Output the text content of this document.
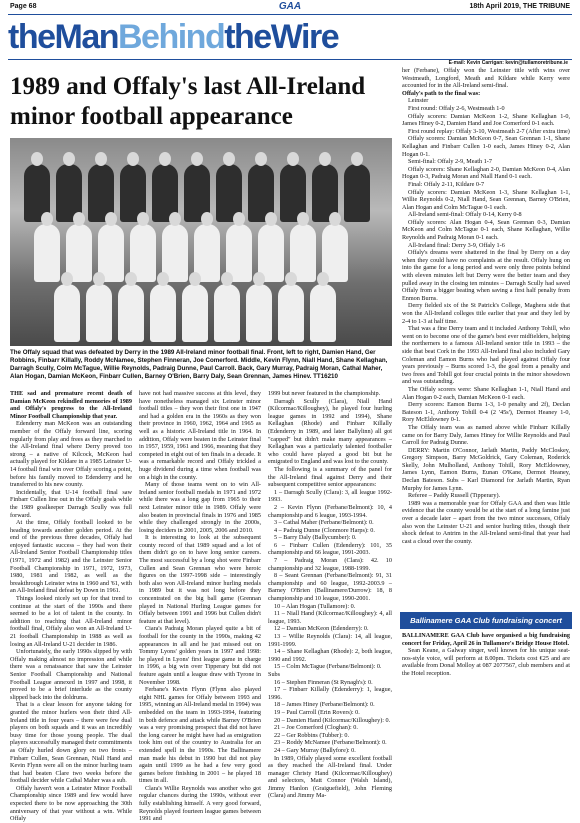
Page 68	GAA	18th April 2019, THE TRIBUNE
theManBehindtheWire
E-mail: Kevin Carrigan: kevin@tullamoretribune.ie
1989 and Offaly's last All-Ireland minor football appearance
The Offaly squad that was defeated by Derry in the 1989 All-Ireland minor football final. Front, left to right, Damien Hand, Ger Robbins, Finbarr Killally, Roddy McNamee, Stephen Finneran, Joe Comerford. Middle, Kevin Flynn, Niall Hand, Shane Kellaghan, Darragh Scully, Colm McTague, Willie Reynolds, Padraig Dunne, Paul Carroll. Back, Gary Murray, Padraig Moran, Cathal Maher, Alan Hogan, Damian McKeon, Finbarr Cullen, Barney O'Brien, Barry Daly, Sean Grennan, James Hinev. TT16210

THE sad and premature recent death of Damian McKeon rekindled memories of 1989 and Offaly's progress to the All-Ireland Minor Football Championship that year.

Edenderry man McKeon was an outstanding member of the Offaly forward line, scoring regularly from play and frees as they marched to the All-Ireland final where Derry proved too strong – a native of Kilcock, McKeon had actually played for Kildare in a 1985 Leinster U-14 football final win over Offaly scoring a point, before his family moved to Edenderry and he transferred to his new county.

Incidentally, that U-14 football final saw Finbarr Cullen line out in the Offaly goals while the 1989 goalkeeper Darragh Scully was full forward.

At the time, Offaly football looked to be heading towards another golden period. At the end of the previous three decades, Offaly had enjoyed fantastic success – they had won their All-Ireland Senior Football Championship titles (1971, 1972 and 1982) and the Leinster Senior Football Championship in 1971, 1972, 1973, 1980, 1981 and 1982, as well as the breakthrough Leinster wins in 1960 and '61, with an All-Ireland final defeat by Down in 1961.

Things looked nicely set up for that trend to continue at the start of the 1990s and there seemed to be a lot of talent in the county. In addition to reaching that All-Ireland minor football final, Offaly also won an All-Ireland U-21 football Championship in 1988 as well as losing an All-Ireland U-21 decider in 1986.

Unfortunately, the early 1990s slipped by with Offaly making almost no impression and while there was a renaissance that saw the Leinster Senior Football Championship and National Football League annexed in 1997 and 1998, it proved to be a brief interlude as the county slipped back into the doldrums.

That is a clear lesson for anyone taking for granted the minor hurlers won their third All-Ireland title in four years – there were few dual players on both squads and it was an incredibly busy time for those young people. The dual players successfully managed their commitments as Offaly hurled down glory on two fronts – Finbarr Cullen, Sean Grennan, Niall Hand and Kevin Flynn were all on the minor hurling team that had beaten Clare two weeks before the football decider while Cathal Maher was a sub.

Offaly haven't won a Leinster Minor Football Championship since 1989 and few would have expected there to be now approaching the 30th anniversary of that year without a win. While Offaly

have not had massive success at this level, they have nonetheless managed six Leinster minor football titles – they won their first one in 1947 and had a golden era in the 1960s as they won their province in 1960, 1962, 1964 and 1965 as well as a historic All-Ireland title in 1964. In addition, Offaly were beaten in the Leinster final in 1957, 1959, 1961 and 1966, meaning that they competed in eight out of ten finals in a decade. It was a remarkable record and Offaly trickled a huge dividend during a time when football was on a high in the county.

Many of those teams went on to win All-Ireland senior football medals in 1971 and 1972 while there was a long gap from 1965 to their next Leinster minor title in 1989. Offaly were also beaten in provincial finals in 1976 and 1985 while they challenged strongly in the 2000s, losing deciders in 2001, 2005, 2006 and 2010.

It is interesting to look at the subsequent county record of that 1989 squad and a lot of them didn't go on to have long senior careers. The most successful by a long shot were Finbarr Cullen and Sean Grennan who were heroic figures on the 1997-1998 side – interestingly both also won All-Ireland minor hurling medals in 1989 but it was not long before they concentrated on the big ball game (Grennan played in National Hurling League games for Offaly between 1991 and 1996 but Cullen didn't feature at that level).

Ciara's Padraig Moran played quite a bit of football for the county in the 1990s, making 42 appearances in all and he just missed out on Tommy Lyons' golden years in 1997 and 1998: he played in Lyons' first league game in charge in 1996, a big win over Tipperary but did not feature again until a league draw with Tyrone in November 1998.

Ferbane's Kevin Flynn (Flynn also played eight NHL games for Offaly between 1993 and 1995, winning an All-Ireland medal in 1994) was embedded on the team in 1993-1994, featuring in both defence and attack while Barney O'Brien was a very promising prospect that did not have the long career he might have had as emigration took him out of the country to Australia for an extended spell in the 1990s. The Ballinamere man made his debut in 1990 but did not play again until 1999 as he had a few very good games before finishing in 2001 – he played 18 times in all.

Clara's Willie Reynolds was another who got regular chances during the 1990s, without ever fully establishing himself. A very good forward, Reynolds played fourteen league games between 1991 and

1999 but never featured in the championship.

Darragh Scully (Clara), Niall Hand (Kilcormac/Killoughey), he played four hurling league games in 1992 and 1994), Shane Kellaghan (Rhode) and Finbarr Killally (Edenderry in 1989, and later Ballylinn) all got "capped" but didn't make many appearances – Kellaghan was a particularly talented footballer who could have played a good bit but he emigrated to England and was lost to the county.

The following is a summary of the panel for the All-Ireland final against Derry and their subsequent competitive senior appearances:

1 – Darragh Scully (Clara): 3, all league 1992-1993.

2 – Kevin Flynn (Ferbane/Belmont): 10, 4 championship and 6 league, 1993-1994.

3 – Cathal Maher (Ferbane/Belmont): 0.

4 – Padraig Dunne (Clonmore Harps): 0.

5 – Barry Daly (Ballycumber): 0.

6 – Finbarr Cullen (Edenderry): 101, 35 championship and 66 league, 1991-2003.

7 – Padraig Moran (Clara): 42. 10 championship and 32 league, 1988-1999.

8 – Seant Grennan (Ferbane/Belmont): 91, 31 championship and 60 league, 1992-2003.9 – Barney O'Brien (Ballinamere/Durrow): 18, 8 championship and 10 league, 1990-2001.

10 – Alan Hogan (Tullamore): 0.

11 – Niall Hand (Kilcormac/Killoughey): 4, all league, 1993.

12 – Damian McKeon (Edenderry): 0.

13 – Willie Reynolds (Clara): 14, all league, 1991-1999.

14 – Shane Kellaghan (Rhode): 2, both league, 1990 and 1992.

15 – Colm McTague (Ferbane/Belmont): 0.

Subs

16 – Stephen Finneran (St Rynagh's): 0.

17 – Finbarr Killally (Edenderry): 1, league, 1996.

18 – James Hiney (Ferbane/Belmont): 0.

19 – Paul Carroll (Erin Rovers): 0.

20 – Damien Hand (Kilcormac/Killoughey): 0.

21 – Joe Comerford (Cloghan): 0.

22 – Ger Robbins (Tubber): 0.

23 – Roddy McNamee (Ferbane/Belmont): 0.

24 – Gary Murray (Ballyfore): 0.

In 1989, Offaly played some excellent football as they reached the All-Ireland final. Under manager Christy Hand (Kilcormac/Killoughey) and selectors, Matt Connor (Walsh Island), Jimmy Hanlon (Graiguefield), John Fleming (Clara) and Jimmy Ma-

her (Ferbane), Offaly won the Leinster title with wins over Westmeath, Longford, Meath and Kildare while Kerry were accounted for in the All-Ireland semi-final.

Offaly's path to the final was:

Leinster

First round: Offaly 2-6, Westmeath 1-0

Offaly scorers: Damian McKeon 1-2, Shane Kellaghan 1-0, James Hiney 0-2, Damien Hand and Joe Comerford 0-1 each.

First round replay: Offaly 3-10, Westmeath 2-7 (After extra time)

Offaly scorers: Damian McKeon 0-7, Sean Grennan 1-1, Shane Kellaghan and Finbarr Cullen 1-0 each, James Hiney 0-2, Alan Hogan 0-1.

Semi-final: Offaly 2-9, Meath 1-7

Offaly scorers: Shane Kellaghan 2-0, Damian McKeon 0-4, Alan Hogan 0-3, Padraig Moran and Niall Hand 0-1 each.

Final: Offaly 2-11, Kildare 0-7

Offaly scorers: Damian McKeon 1-3, Shane Kellaghan 1-1, Willie Reynolds 0-2, Niall Hand, Sean Grennan, Barney O'Brien, Alan Hogan and Colm McTague 0-1 each.

All-Ireland semi-final: Offaly 0-14, Kerry 0-8

Offaly scorers: Alan Hogan 0-4, Sean Grennan 0-3, Damian McKeon and Colm McTague 0-1 each, Shane Kellaghan, Willie Reynolds and Padraig Moran 0-1 each.

All-Ireland final: Derry 3-9, Offaly 1-6

Offaly's dreams were shattered in the final by Derry on a day when they could have no complaints at the result. Offaly hung on into the game for a long period and were only three points behind with eleven minutes left but Derry were the better team and they pulled away in the closing ten minutes – Darragh Scully had saved Offaly from a bigger beating when saving a first half penalty from Enmon Burns.

Derry fielded six of the St Patrick's College, Maghera side that won the All-Ireland colleges title earlier that year and they led by 2-4 to 1-3 at half time.

That was a fine Derry team and it included Anthony Tohill, who went on to become one of the game's best ever midfielders, helping the northerners to a famous All-Ireland senior title in 1993 – the side that beat Cork in the 1993 All-Ireland final also included Gary Coleman and Eamon Burns who had played against Offaly four years previously – Burns scored 1-3, the goal from a penalty and two frees and Tohill got four crucial points in the minor showdown and was outstanding.

The Offaly scorers were: Shane Kellaghan 1-1, Niall Hand and Alan Hogan 0-2 each, Damian McKeon 0-1 each.

Derry scorers: Eamon Burns 1-3, 1-0 penalty and 2f), Declan Bateson 1-1, Anthony Tohill 0-4 (2 '45s'), Dermot Heaney 1-0, Rory McEldowney 0-1.

The Offaly team was as named above while Finbarr Killally came on for Barry Daly, James Hiney for Willie Reynolds and Paul Carroll for Padraig Dunne.

DERRY: Martin O'Connor, Jarlath Martin, Paddy McCloskey, Gregory Simpson, Barry McGoldrick, Gary Coleman, Roderick Skelly, John Mulholland, Anthony Tohill, Rory McEldowney, James Lynn, Eamon Burns, Eunan O'Kane, Dermot Heaney, Declan Bateson. Subs – Karl Diamond for Jarlath Martin, Ryan Murphy for James Lynn.

Referee – Paddy Russell (Tipperary).

1989 was a memorable year for Offaly GAA and then was little evidence that the county would be at the start of a long famine just over a decade later – apart from the two minor successes, Offaly also won the Leinster U-21 and senior hurling titles, though their shock defeat to Antrim in the All-Ireland semi-final that year had cast a cloud over the county.

Ballinamere GAA Club fundraising concert

BALLINAMERE GAA Club have organised a big fundraising concert for Friday, April 26 in Tullamore's Bridge House Hotel.

Sean Keane, a Galway singer, well known for his unique seat-nos-style voice, will perform at 8.00pm. Tickets cost €25 and are available from Donal Molloy at 087 2077567, club members and at the Hotel reception.
